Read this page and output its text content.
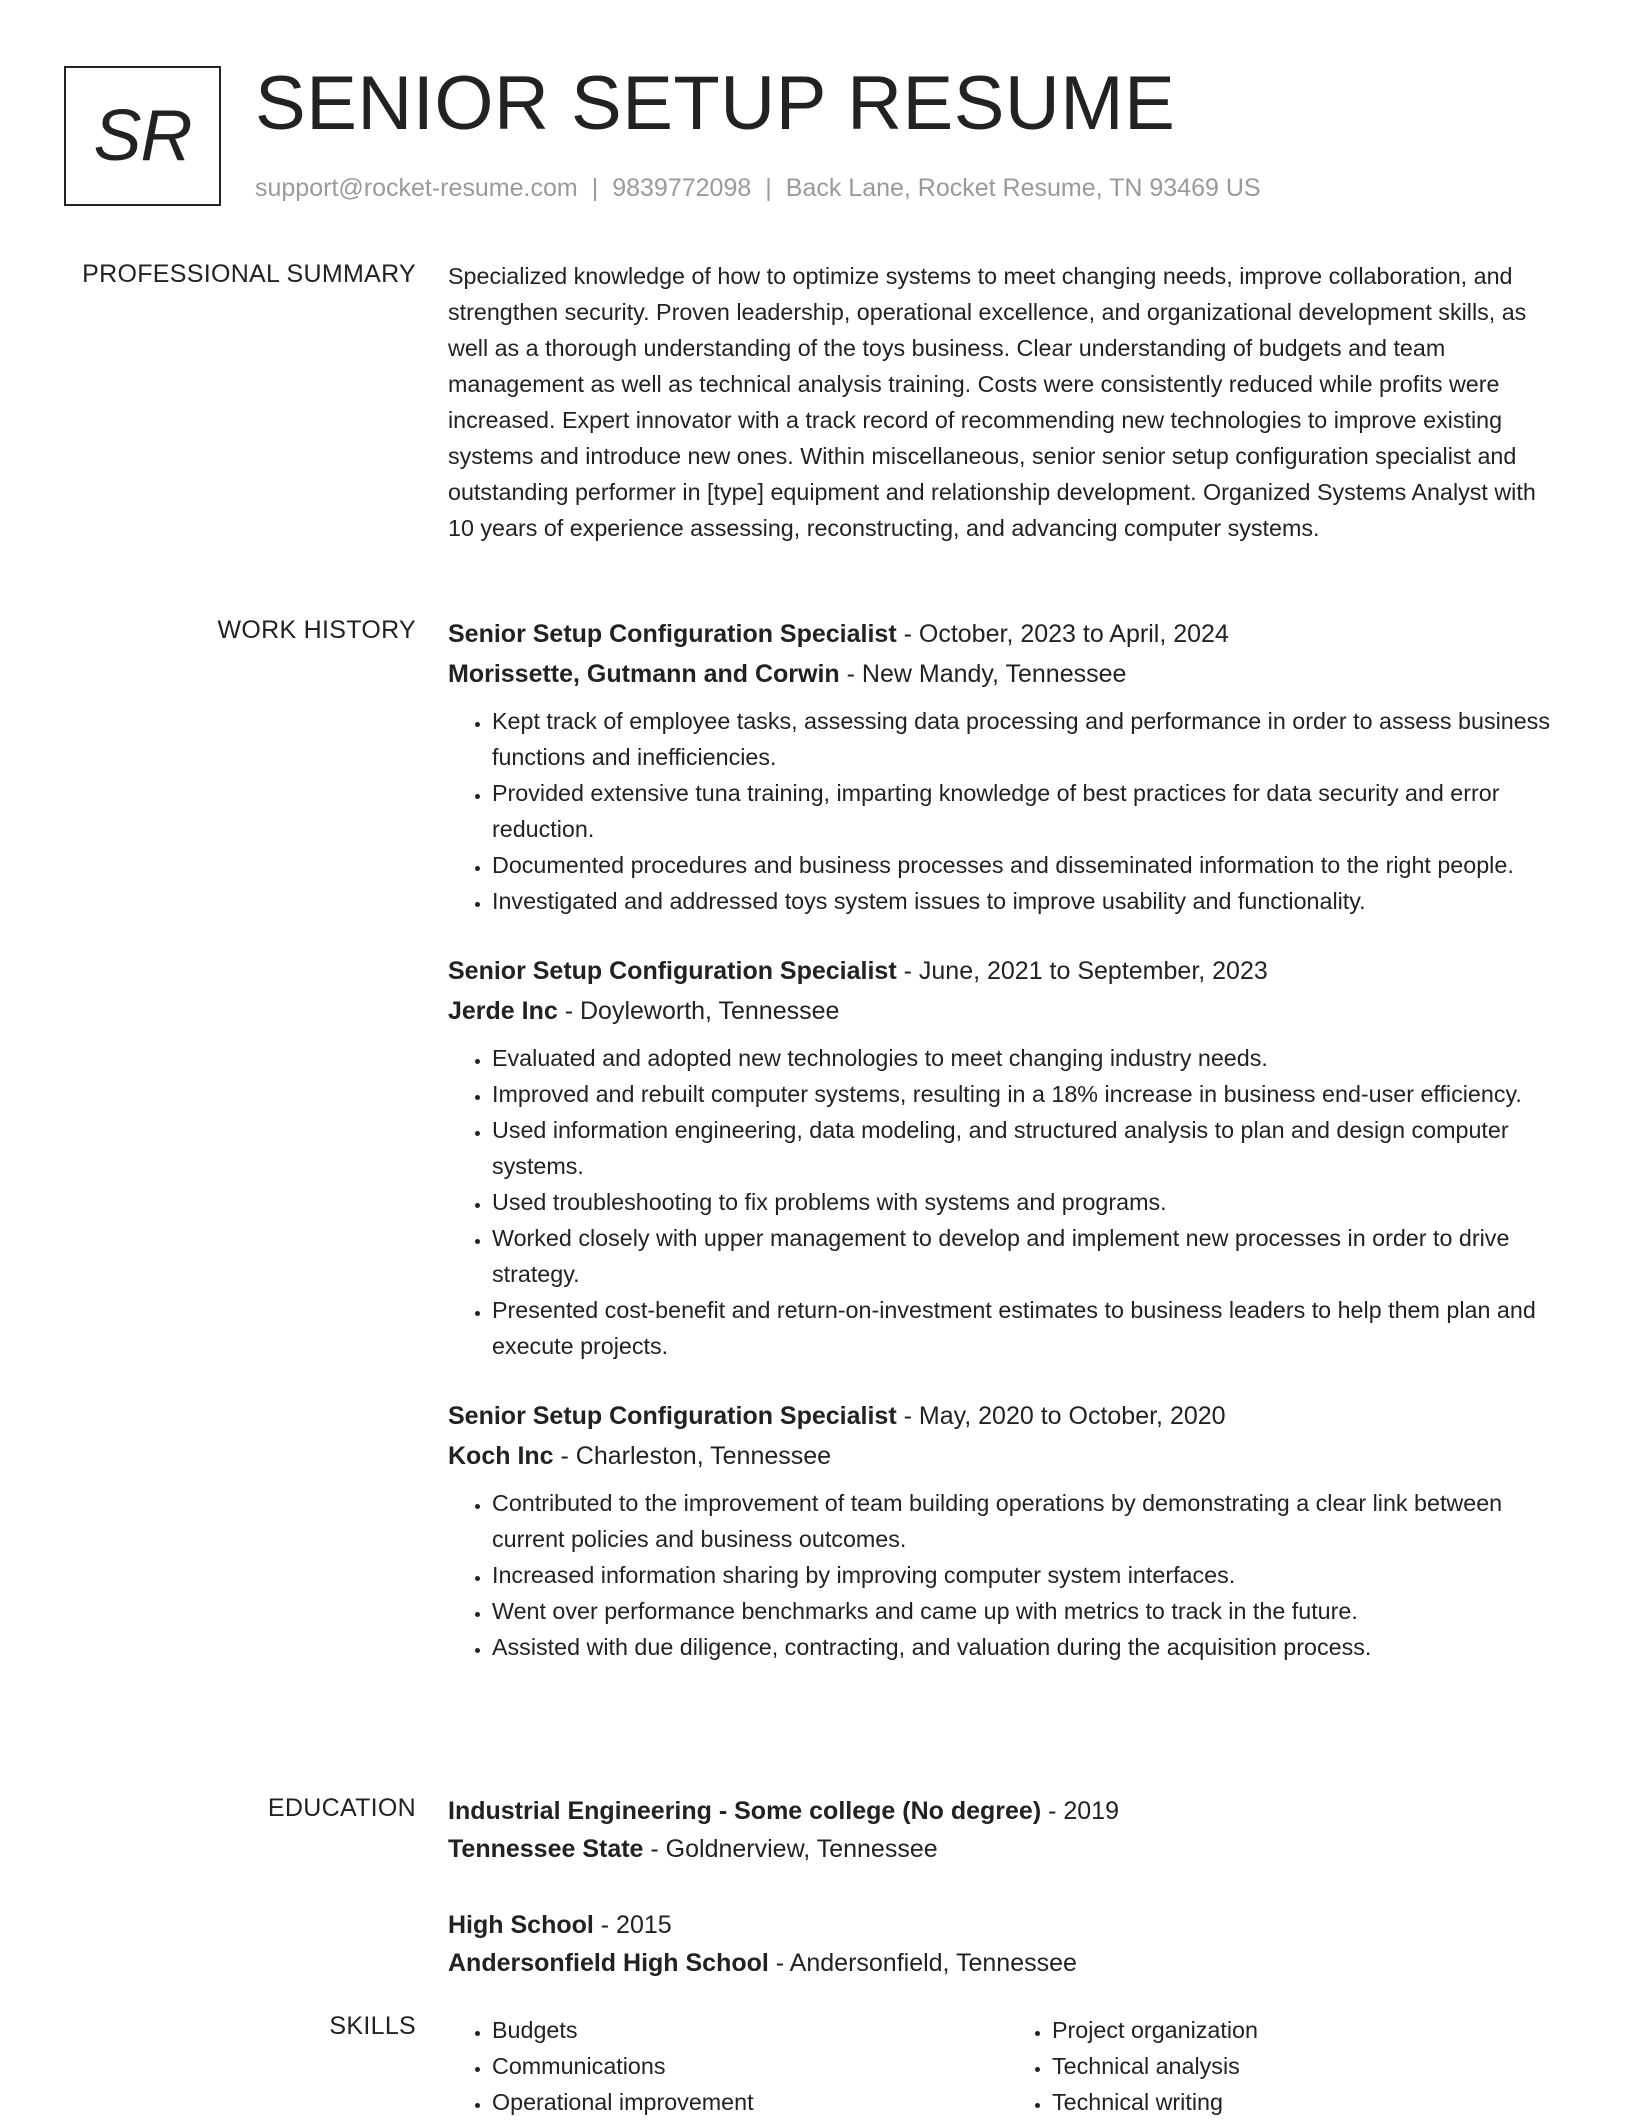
SR SENIOR SETUP RESUME
support@rocket-resume.com | 9839772098 | Back Lane, Rocket Resume, TN 93469 US
PROFESSIONAL SUMMARY Specialized knowledge of how to optimize systems to meet changing needs, improve collaboration, and strengthen security. Proven leadership, operational excellence, and organizational development skills, as well as a thorough understanding of the toys business. Clear understanding of budgets and team management as well as technical analysis training. Costs were consistently reduced while profits were increased. Expert innovator with a track record of recommending new technologies to improve existing systems and introduce new ones. Within miscellaneous, senior senior setup configuration specialist and outstanding performer in [type] equipment and relationship development. Organized Systems Analyst with 10 years of experience assessing, reconstructing, and advancing computer systems.

WORK HISTORY Senior Setup Configuration Specialist - October, 2023 to April, 2024
Morissette, Gutmann and Corwin - New Mandy, Tennessee
• Kept track of employee tasks, assessing data processing and performance in order to assess business functions and inefficiencies.
• Provided extensive tuna training, imparting knowledge of best practices for data security and error reduction.
• Documented procedures and business processes and disseminated information to the right people.
• Investigated and addressed toys system issues to improve usability and functionality.
Senior Setup Configuration Specialist - June, 2021 to September, 2023
Jerde Inc - Doyleworth, Tennessee
• Evaluated and adopted new technologies to meet changing industry needs.
• Improved and rebuilt computer systems, resulting in a 18% increase in business end-user efficiency.
• Used information engineering, data modeling, and structured analysis to plan and design computer systems.
• Used troubleshooting to fix problems with systems and programs.
• Worked closely with upper management to develop and implement new processes in order to drive strategy.
• Presented cost-benefit and return-on-investment estimates to business leaders to help them plan and execute projects.
Senior Setup Configuration Specialist - May, 2020 to October, 2020
Koch Inc - Charleston, Tennessee
• Contributed to the improvement of team building operations by demonstrating a clear link between current policies and business outcomes.
• Increased information sharing by improving computer system interfaces.
• Went over performance benchmarks and came up with metrics to track in the future.
• Assisted with due diligence, contracting, and valuation during the acquisition process.
EDUCATION Industrial Engineering - Some college (No degree) - 2019
Tennessee State - Goldnerview, Tennessee
High School - 2015
Andersonfield High School - Andersonfield, Tennessee
SKILLS
•	Budgets
• Communications
• Operational improvement
• Project organization
• Technical analysis
• Technical writing
